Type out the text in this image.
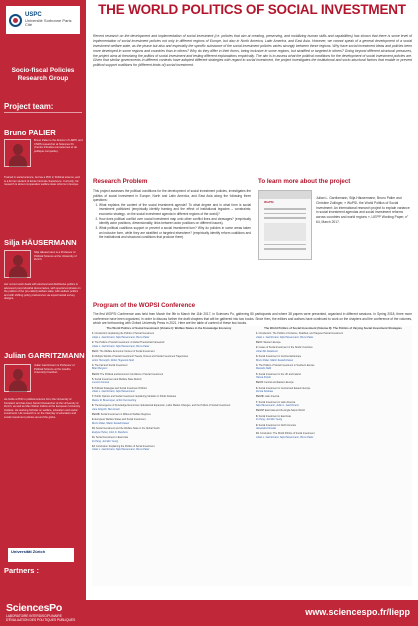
USPC
Université Sorbonne Paris Cité
Socio-fiscal Policies Research Group
Project team:
Bruno PALIER
Bruno Palier is the director of LIEPP, and CNRS researcher at Sciences Po (Centre d'études européennes et de politique comparée).
Trained in social science, he has a PhD in Political science, and is a former student of Ecole Normale Supérieure. Currently, his research is about comparative welfare state reforms in Europe.
Silja HÄUSERMANN
Silja Häusermann is a Professor of Political Science at the University of Zurich.
Her current work deals with electoral and distributive politics in advanced post-industrial democracies, with special emphasis on the politics of the (so-called) welfare state, with welfare politics and with shifting policy preferences via experimental survey designs.
Julian GARRITZMANN
Julian Garritzmann is Professor of Political Science at the Goethe University Frankfurt.
He holds a PhD in political science from the University of Konstanz and has been Senior Researcher at the University of Zurich, as well as Max Weber Fellow at the European University Institute. He working Scholar on welfare, education and social investment. His research is on the interplay of education and social investment policies around the globe.
Universität Zürich
Partners :
THE WORLD POLITICS OF SOCIAL INVESTMENT
Recent research on the development and implementation of social investment (i.e. policies that aim at creating, preserving, and mobilizing human skills and capabilities) has shown that there is some level of implementation of social investment policies not only in different regions of Europe, but also in North America, Latin America, and East Asia. However, we cannot speak of a general development of a social investment welfare state, as the phase but also and especially the specific substance of the social investment policies varies strongly between these regions. Why have social investment ideas and policies been more developed in some regions and countries than in others? Why do they differ in their forms, being inclusive in some regions, but stratified or targeted in others? Going beyond different structural pressures, the project aims at theorizing the politics of social investment and testing different explanations empirically. The aim is to assess what the political conditions for the development of social investment policies are. Given that similar governments in different contexts have adopted different strategies with regard to social investment, the project investigates the institutional and socio-structural factors that enable or prevent political support coalitions for (different kinds of) social investment.
Research Problem

This project assesses the political conditions for the development of social investment policies, investigates the politics of social investment in Europe, North and Latin America, and East Asia along the following three questions:

1. What explains the content of the social investment agenda? To what degree and in what form is social investment politicized (empirically identify framing and the effect of institutional legacies – constraints; economic strategy- on the social investment agenda in different regions of the world)?
2. How does political conflict over social investment map onto other conflict lines and cleavages? (empirically identify actor positions, dimensionality, links between actor positions on different issues).
3. What political coalitions support or prevent a social investment turn? Why do policies in some areas taken an inclusive form, while they are stratified or targeted elsewhere? (empirically identify reform coalitions and the institutional and structural conditions that produce them)
To learn more about the project
WoPSI
Julian L. Garritzmann, Silja Häusermann, Bruno Palier and Christine Zollinger, « WoPSI- the World Politics of Social Investment: An international research project to explain variance in social investment agendas and social investment reforms across countries and world regions », LIEPP Working Paper, n° 64, March 2017.
Program of the WOPSI Conference
The first WOPSI Conference was held from March the 9th to March the 11th 2017, in Sciences Po, gathering 80 participants and where 38 papers were presented, organized in different sessions. In Spring 2018, three more conference have been organized, in order to discuss further the draft chapters that will be gathered into two books. Since then, the editors and authors have continued to work on the chapters and the conference of the volumes, which are forthcoming with Oxford University Press in 2021. Here are the table of content of these two books.
The World Politics of Social Investment (Volume I): Welfare States in the Knowledge Economy
1. Introduction: Explaining the Politics of Social Investment
Julian L. Garritzmann, Silja Häusermann, Bruno Palier
2. The Politics of Social Investment: A Global Theoretical Framework
Julian L. Garritzmann, Silja Häusermann, Bruno Palier
Part I: The Welfare Economic Context of Social Investment
3. Multiple Worlds of Social Investment? Needs, Drivers and Social Investment Trajectories
Anton Hemerijck, Robin Huguenot-Noël
4. The Fall and Social Investment
Brian Burgoon
Part II: The Political and Economic Conditions of Social Investment
5. Social Investment and Welfare State Reform
Lorenzo Ferrera
6. Political Strategies and Social Investment Politics
Julian L. Garritzmann, Silja Häusermann
7. Public Opinion and Social Investment: Explaining Variation in Public Attitudes
Marius R. Busemeyer, Achim Kemmerling
8. The Emergence of Knowledge Economies: Educational Expansion, Labor Market Changes, and the Politics of Social Investment
Jane Gingrich, Ben Ansell
Part III: Social Investment in Different Welfare Regimes
9. European Welfare States and Social Investment
Bruno Palier, Martin Seeleib-Kaiser
10. Social Investment and the Welfare State in the Global South
Evelyne Huber, John D. Stephens
11. Social Investment in East Asia
Ito Peng, Jennifer Yeung
12. Conclusion: Explaining the Politics of Social Investment
Julian L. Garritzmann, Silja Häusermann, Bruno Palier
The World Politics of Social Investment (Volume II): The Politics of Varying Social Investment Strategies
1. Introduction: The Politics of Inclusive, Stratified, and Targeted Social Investment
Julian L. Garritzmann, Silja Häusermann, Bruno Palier
Part I: Western Europe
2. Cases of Social Investment in the Nordic Countries
Johan Bo Davidsson
3. Social Investment in Continental Europe
Bruno Palier, Martin Seeleib-Kaiser
4. The Politics of Social Investment in Southern Europe
Marcello Natili
5. Social Investment in the UK and Ireland
Hanna Kivistö
Part II: Central and Eastern Europe
6. Social Investment in Central and Eastern Europe
Dorota Szelewa
Part III: Latin America
7. Social Investment in Latin America
Silja Häusermann, Julian L. Garritzmann
Part IV: East Asia and the Anglo-Saxon World
8. Social Investment in East Asia
Ito Peng, Jennifer Yeung
9. Social Investment in North America
Alexandra Kinsella
10. Conclusion: The World Politics of Social Investment
Julian L. Garritzmann, Silja Häusermann, Bruno Palier
SciencesPo
LABORATOIRE INTERDISCIPLINAIRE
D'ÉVALUATION DES POLITIQUES PUBLIQUES
www.sciencespo.fr/liepp
